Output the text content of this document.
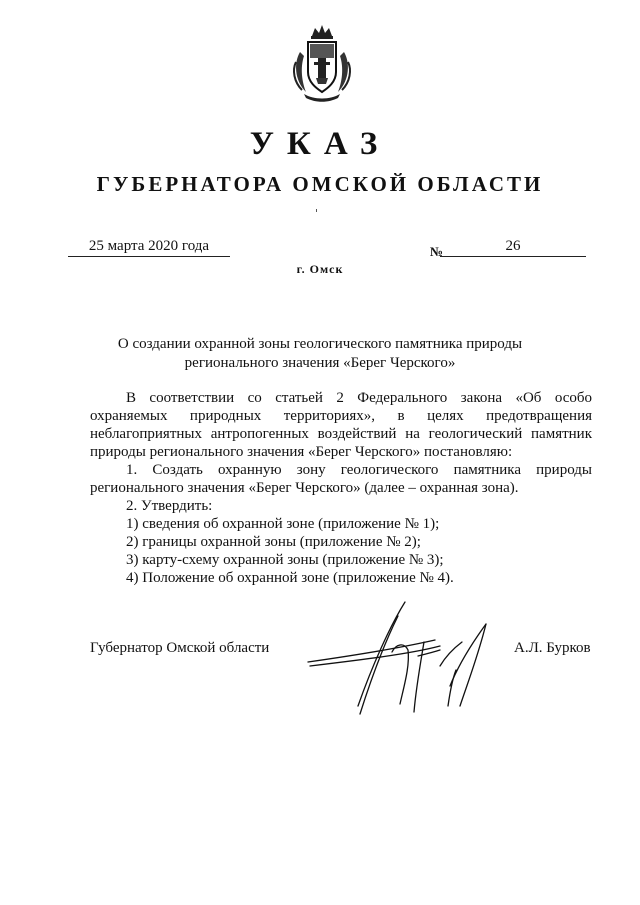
УКАЗ
ГУБЕРНАТОРА ОМСКОЙ ОБЛАСТИ
25 марта 2020 года	№	26
г. Омск
О создании охранной зоны геологического памятника природы
регионального значения «Берег Черского»
В соответствии со статьей 2 Федерального закона «Об особо
охраняемых природных территориях», в целях предотвращения
неблагоприятных антропогенных воздействий на геологический памятник
природы регионального значения «Берег Черского» постановляю:
1. Создать охранную зону геологического памятника природы
регионального значения «Берег Черского» (далее – охранная зона).
2. Утвердить:
1) сведения об охранной зоне (приложение № 1);
2) границы охранной зоны (приложение № 2);
3) карту-схему охранной зоны (приложение № 3);
4) Положение об охранной зоне (приложение № 4).
Губернатор Омской области	А.Л. Бурков
